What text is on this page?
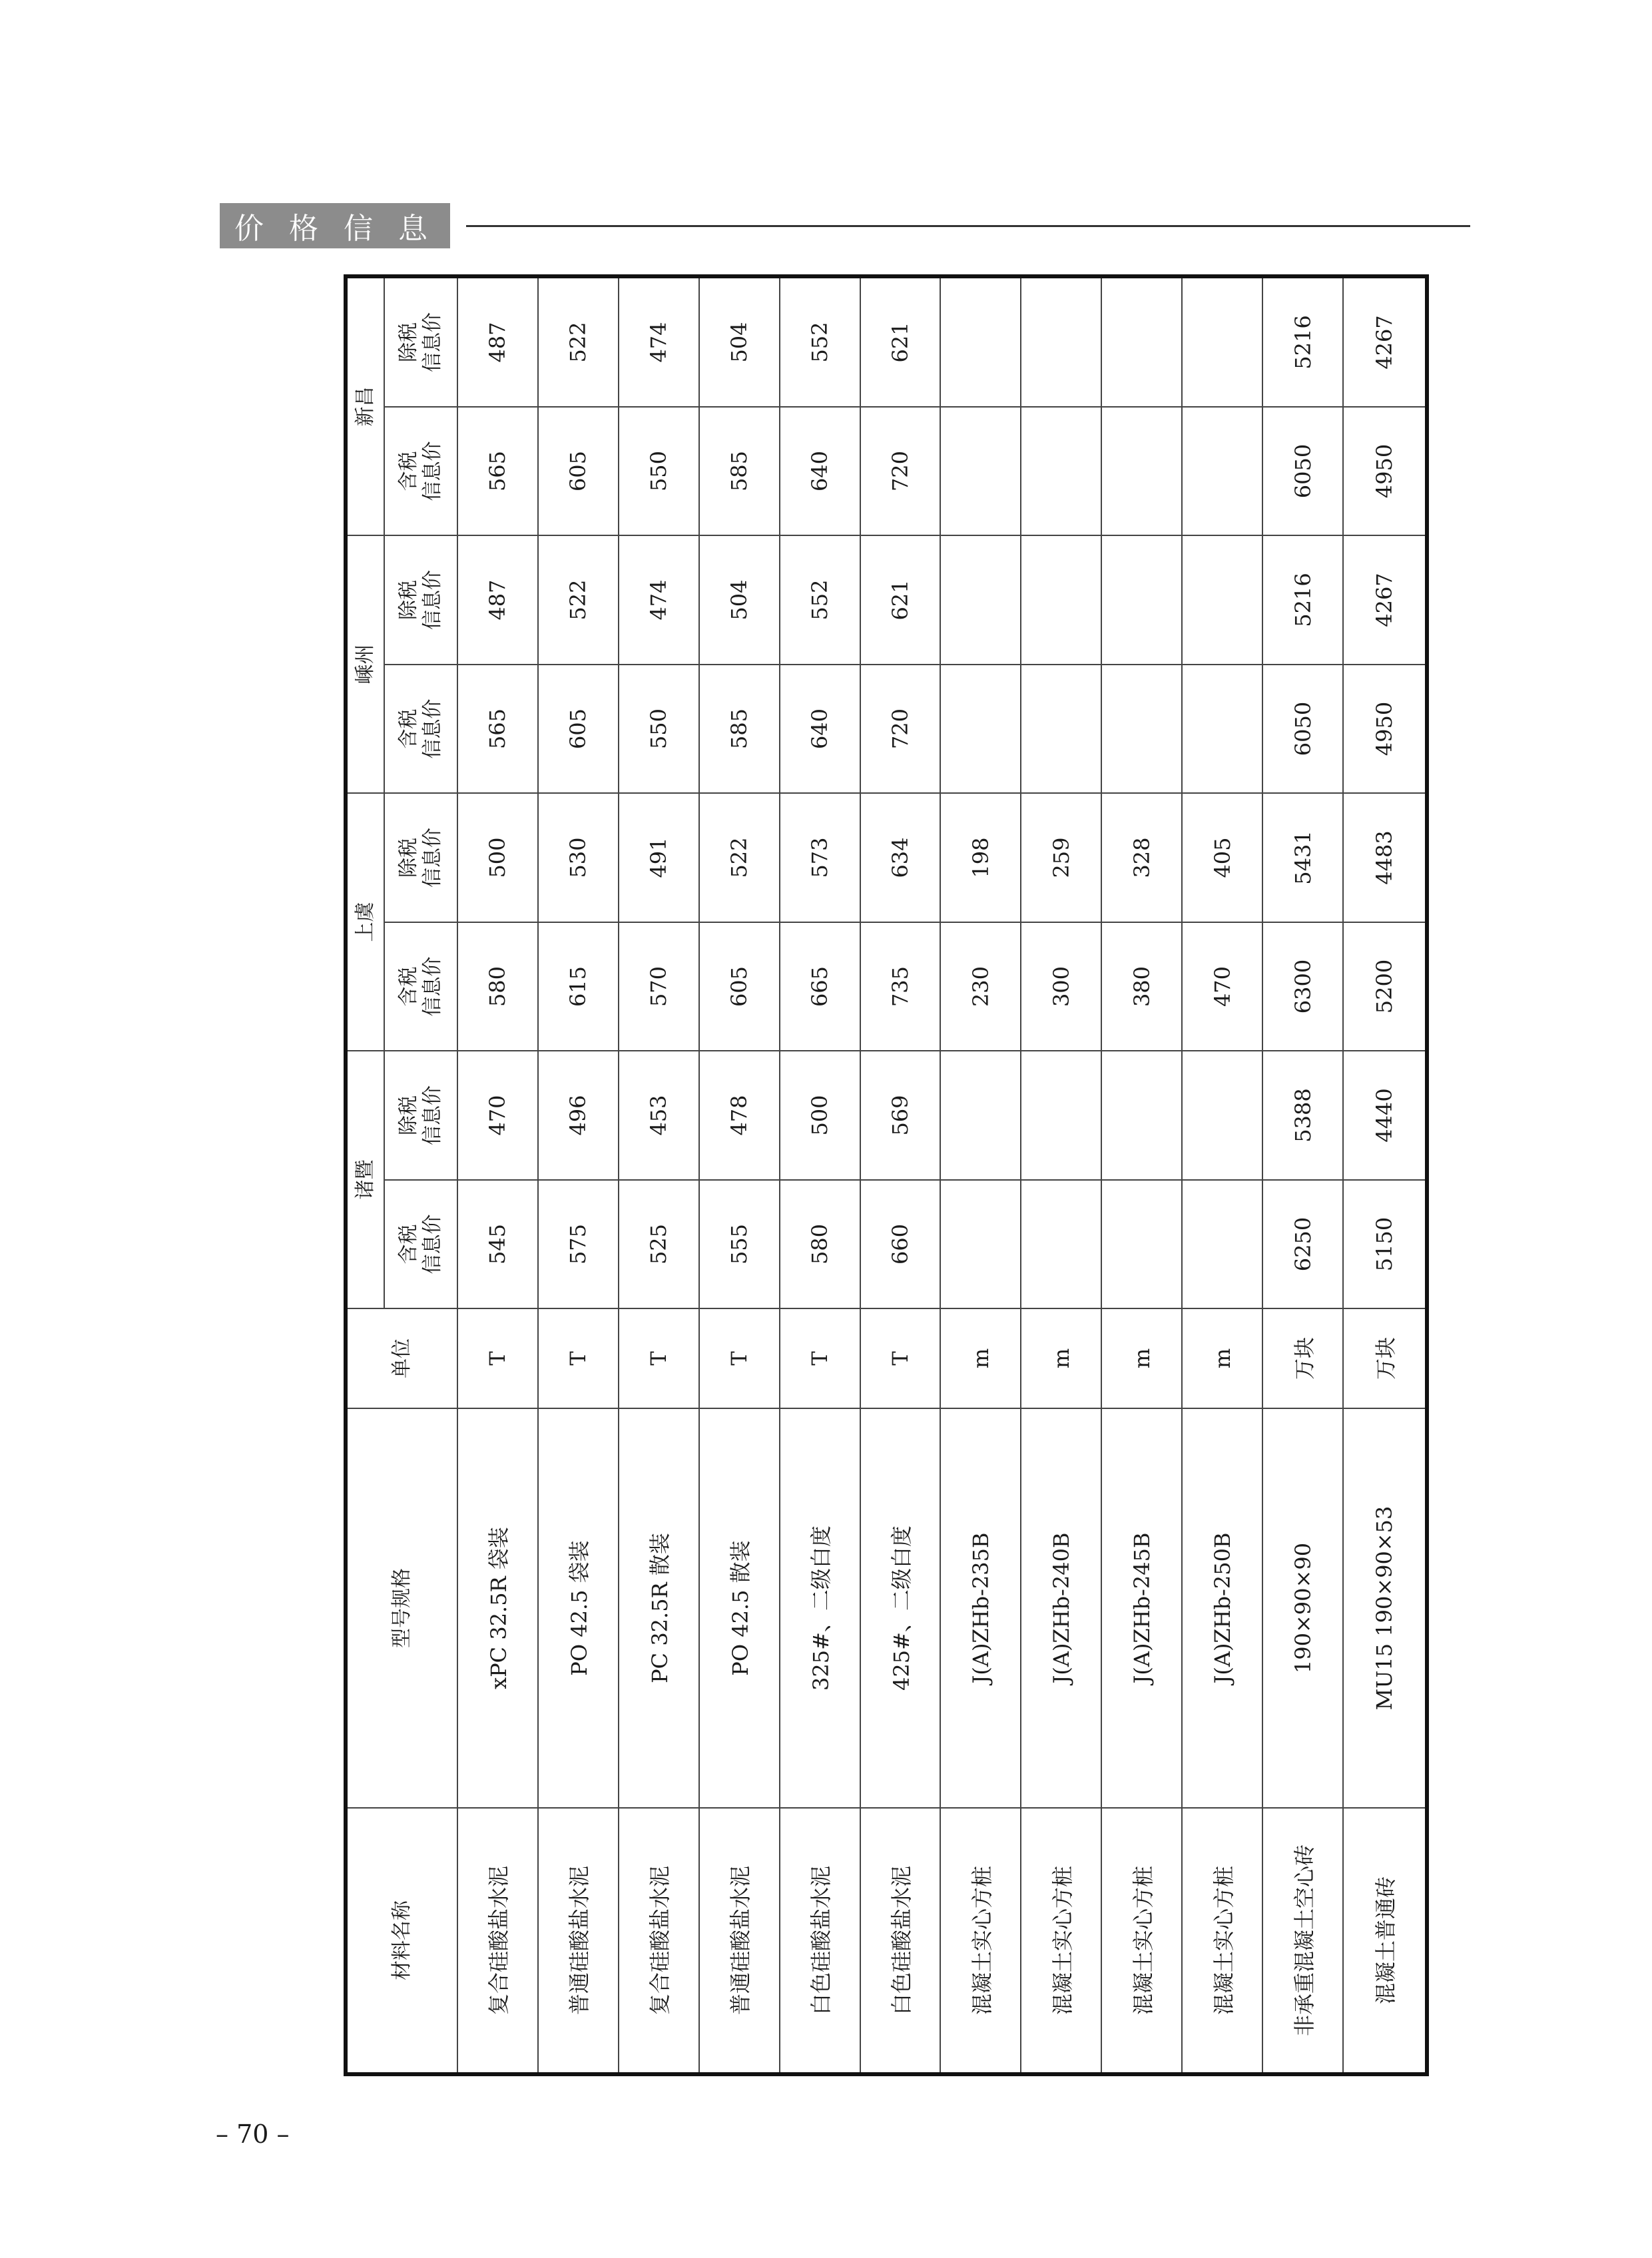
价 格 信 息
材料名称	型号规格	单位	诸暨		上虞		嵊州		新昌	

			含税 信息价	除税 信息价	含税 信息价	除税 信息价	含税 信息价	除税 信息价	含税 信息价	除税 信息价

复合硅酸盐水泥	xPC 32.5R 袋装	T	545	470	580	500	565	487	565	487
普通硅酸盐水泥	PO 42.5 袋装	T	575	496	615	530	605	522	605	522
复合硅酸盐水泥	PC 32.5R 散装	T	525	453	570	491	550	474	550	474
普通硅酸盐水泥	PO 42.5 散装	T	555	478	605	522	585	504	585	504
白色硅酸盐水泥	325#、二级白度	T	580	500	665	573	640	552	640	552
白色硅酸盐水泥	425#、二级白度	T	660	569	735	634	720	621	720	621
混凝土实心方桩	J(A)ZHb-235B	m			230	198				
混凝土实心方桩	J(A)ZHb-240B	m			300	259				
混凝土实心方桩	J(A)ZHb-245B	m			380	328				
混凝土实心方桩	J(A)ZHb-250B	m			470	405				
非承重混凝土空心砖	190×90×90	万块	6250	5388	6300	5431	6050	5216	6050	5216
混凝土普通砖	MU15 190×90×53	万块	5150	4440	5200	4483	4950	4267	4950	4267
– 70 –
